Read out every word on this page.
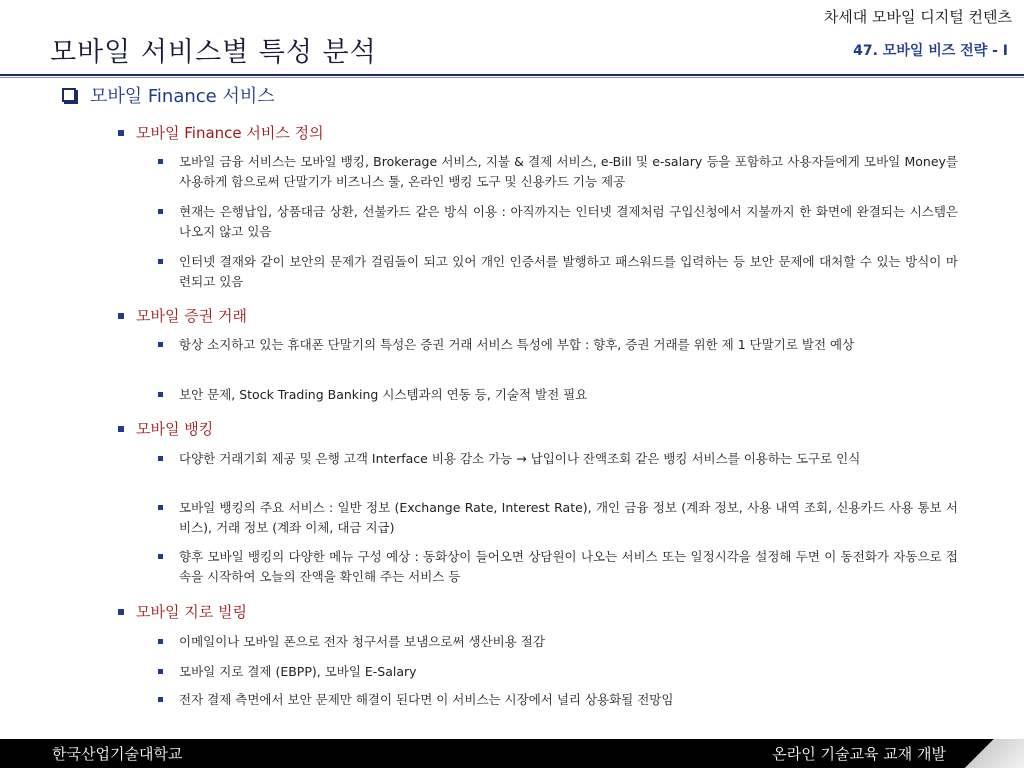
모바일 서비스별 특성 분석
차세대 모바일 디지털 컨텐츠
47. 모바일 비즈 전략 - I
모바일 Finance 서비스
모바일 Finance 서비스 정의
모바일 금융 서비스는 모바일 뱅킹, Brokerage 서비스, 지불 & 결제 서비스, e-Bill 및 e-salary 등을 포함하고 사용자들에게 모바일 Money를 사용하게 함으로써 단말기가 비즈니스 툴, 온라인 뱅킹 도구 및 신용카드 기능 제공
현재는 은행납입, 상품대금 상환, 선불카드 같은 방식 이용 : 아직까지는 인터넷 결제처럼 구입신청에서 지불까지 한 화면에 완결되는 시스템은 나오지 않고 있음
인터넷 결재와 같이 보안의 문제가 걸림돌이 되고 있어 개인 인증서를 발행하고 패스워드를 입력하는 등 보안 문제에 대처할 수 있는 방식이 마련되고 있음
모바일 증권 거래
항상 소지하고 있는 휴대폰 단말기의 특성은 증권 거래 서비스 특성에 부합 : 향후, 증권 거래를 위한 제 1 단말기로 발전 예상
보안 문제, Stock Trading Banking 시스템과의 연동 등, 기술적 발전 필요
모바일 뱅킹
다양한 거래기회 제공 및 은행 고객 Interface 비용 감소 가능 → 납입이나 잔액조회 같은 뱅킹 서비스를 이용하는 도구로 인식
모바일 뱅킹의 주요 서비스 : 일반 정보 (Exchange Rate, Interest Rate), 개인 금융 정보 (계좌 정보, 사용 내역 조회, 신용카드 사용 통보 서비스), 거래 정보 (계좌 이체, 대금 지급)
향후 모바일 뱅킹의 다양한 메뉴 구성 예상 : 동화상이 들어오면 상담원이 나오는 서비스 또는 일정시각을 설정해 두면 이 동전화가 자동으로 접속을 시작하여 오늘의 잔액을 확인해 주는 서비스 등
모바일 지로 빌링
이메일이나 모바일 폰으로 전자 청구서를 보냄으로써 생산비용 절감
모바일 지로 결제 (EBPP), 모바일 E-Salary
전자 결제 측면에서 보안 문제만 해결이 된다면 이 서비스는 시장에서 널리 상용화될 전망임
한국산업기술대학교	온라인 기술교육 교재 개발
